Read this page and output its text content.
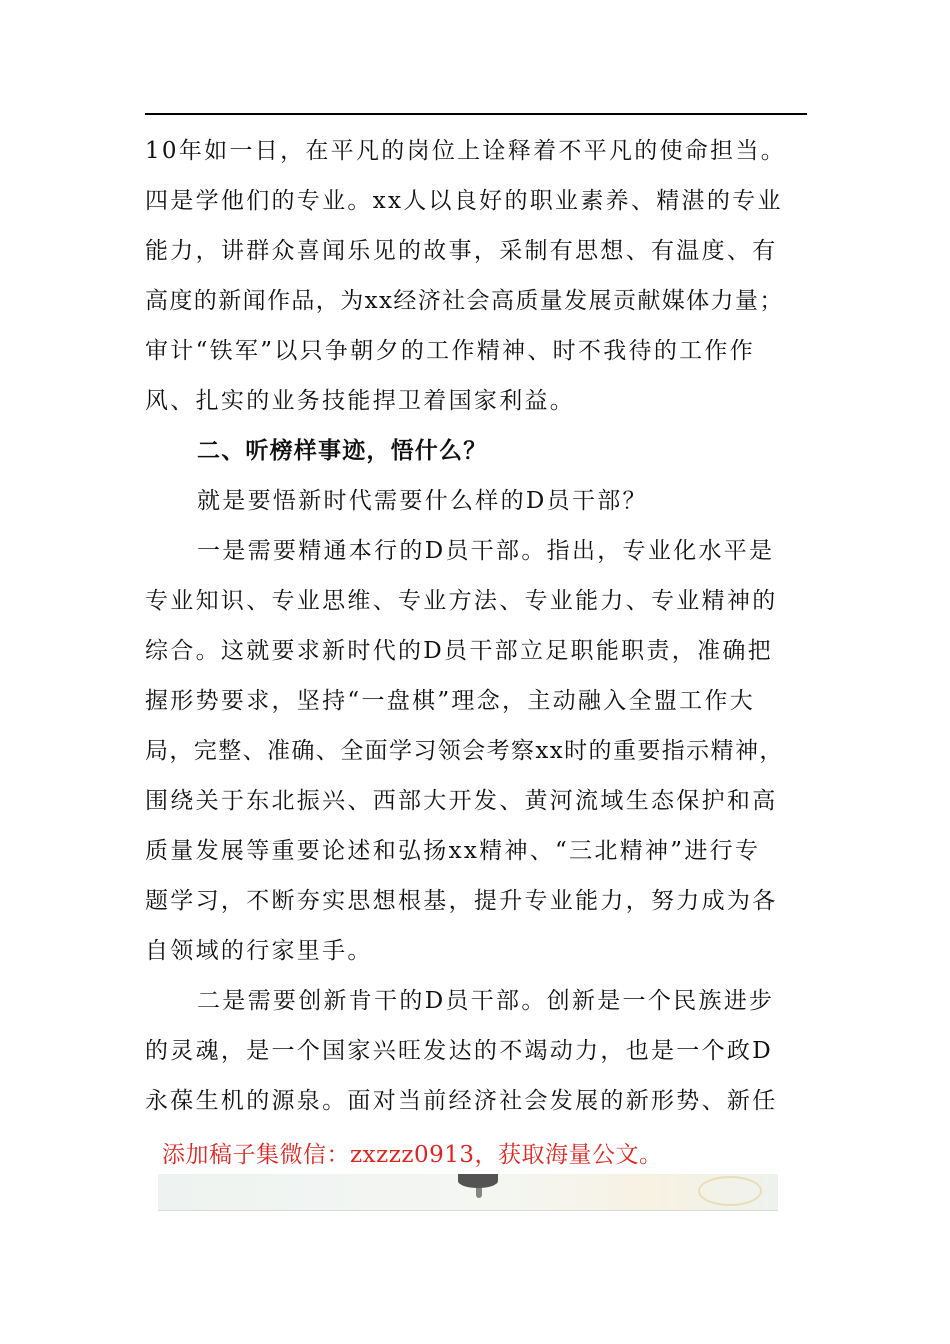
10年如一日，在平凡的岗位上诠释着不平凡的使命担当。
四是学他们的专业。xx人以良好的职业素养、精湛的专业
能力，讲群众喜闻乐见的故事，采制有思想、有温度、有
高度的新闻作品，为xx经济社会高质量发展贡献媒体力量；
审计“铁军”以只争朝夕的工作精神、时不我待的工作作
风、扎实的业务技能捍卫着国家利益。
二、听榜样事迹，悟什么？
就是要悟新时代需要什么样的D员干部？
一是需要精通本行的D员干部。指出，专业化水平是
专业知识、专业思维、专业方法、专业能力、专业精神的
综合。这就要求新时代的D员干部立足职能职责，准确把
握形势要求，坚持“一盘棋”理念，主动融入全盟工作大
局，完整、准确、全面学习领会考察xx时的重要指示精神，
围绕关于东北振兴、西部大开发、黄河流域生态保护和高
质量发展等重要论述和弘扬xx精神、“三北精神”进行专
题学习，不断夯实思想根基，提升专业能力，努力成为各
自领域的行家里手。
二是需要创新肯干的D员干部。创新是一个民族进步
的灵魂，是一个国家兴旺发达的不竭动力，也是一个政D
永葆生机的源泉。面对当前经济社会发展的新形势、新任
添加稿子集微信：zxzzz0913，获取海量公文。
